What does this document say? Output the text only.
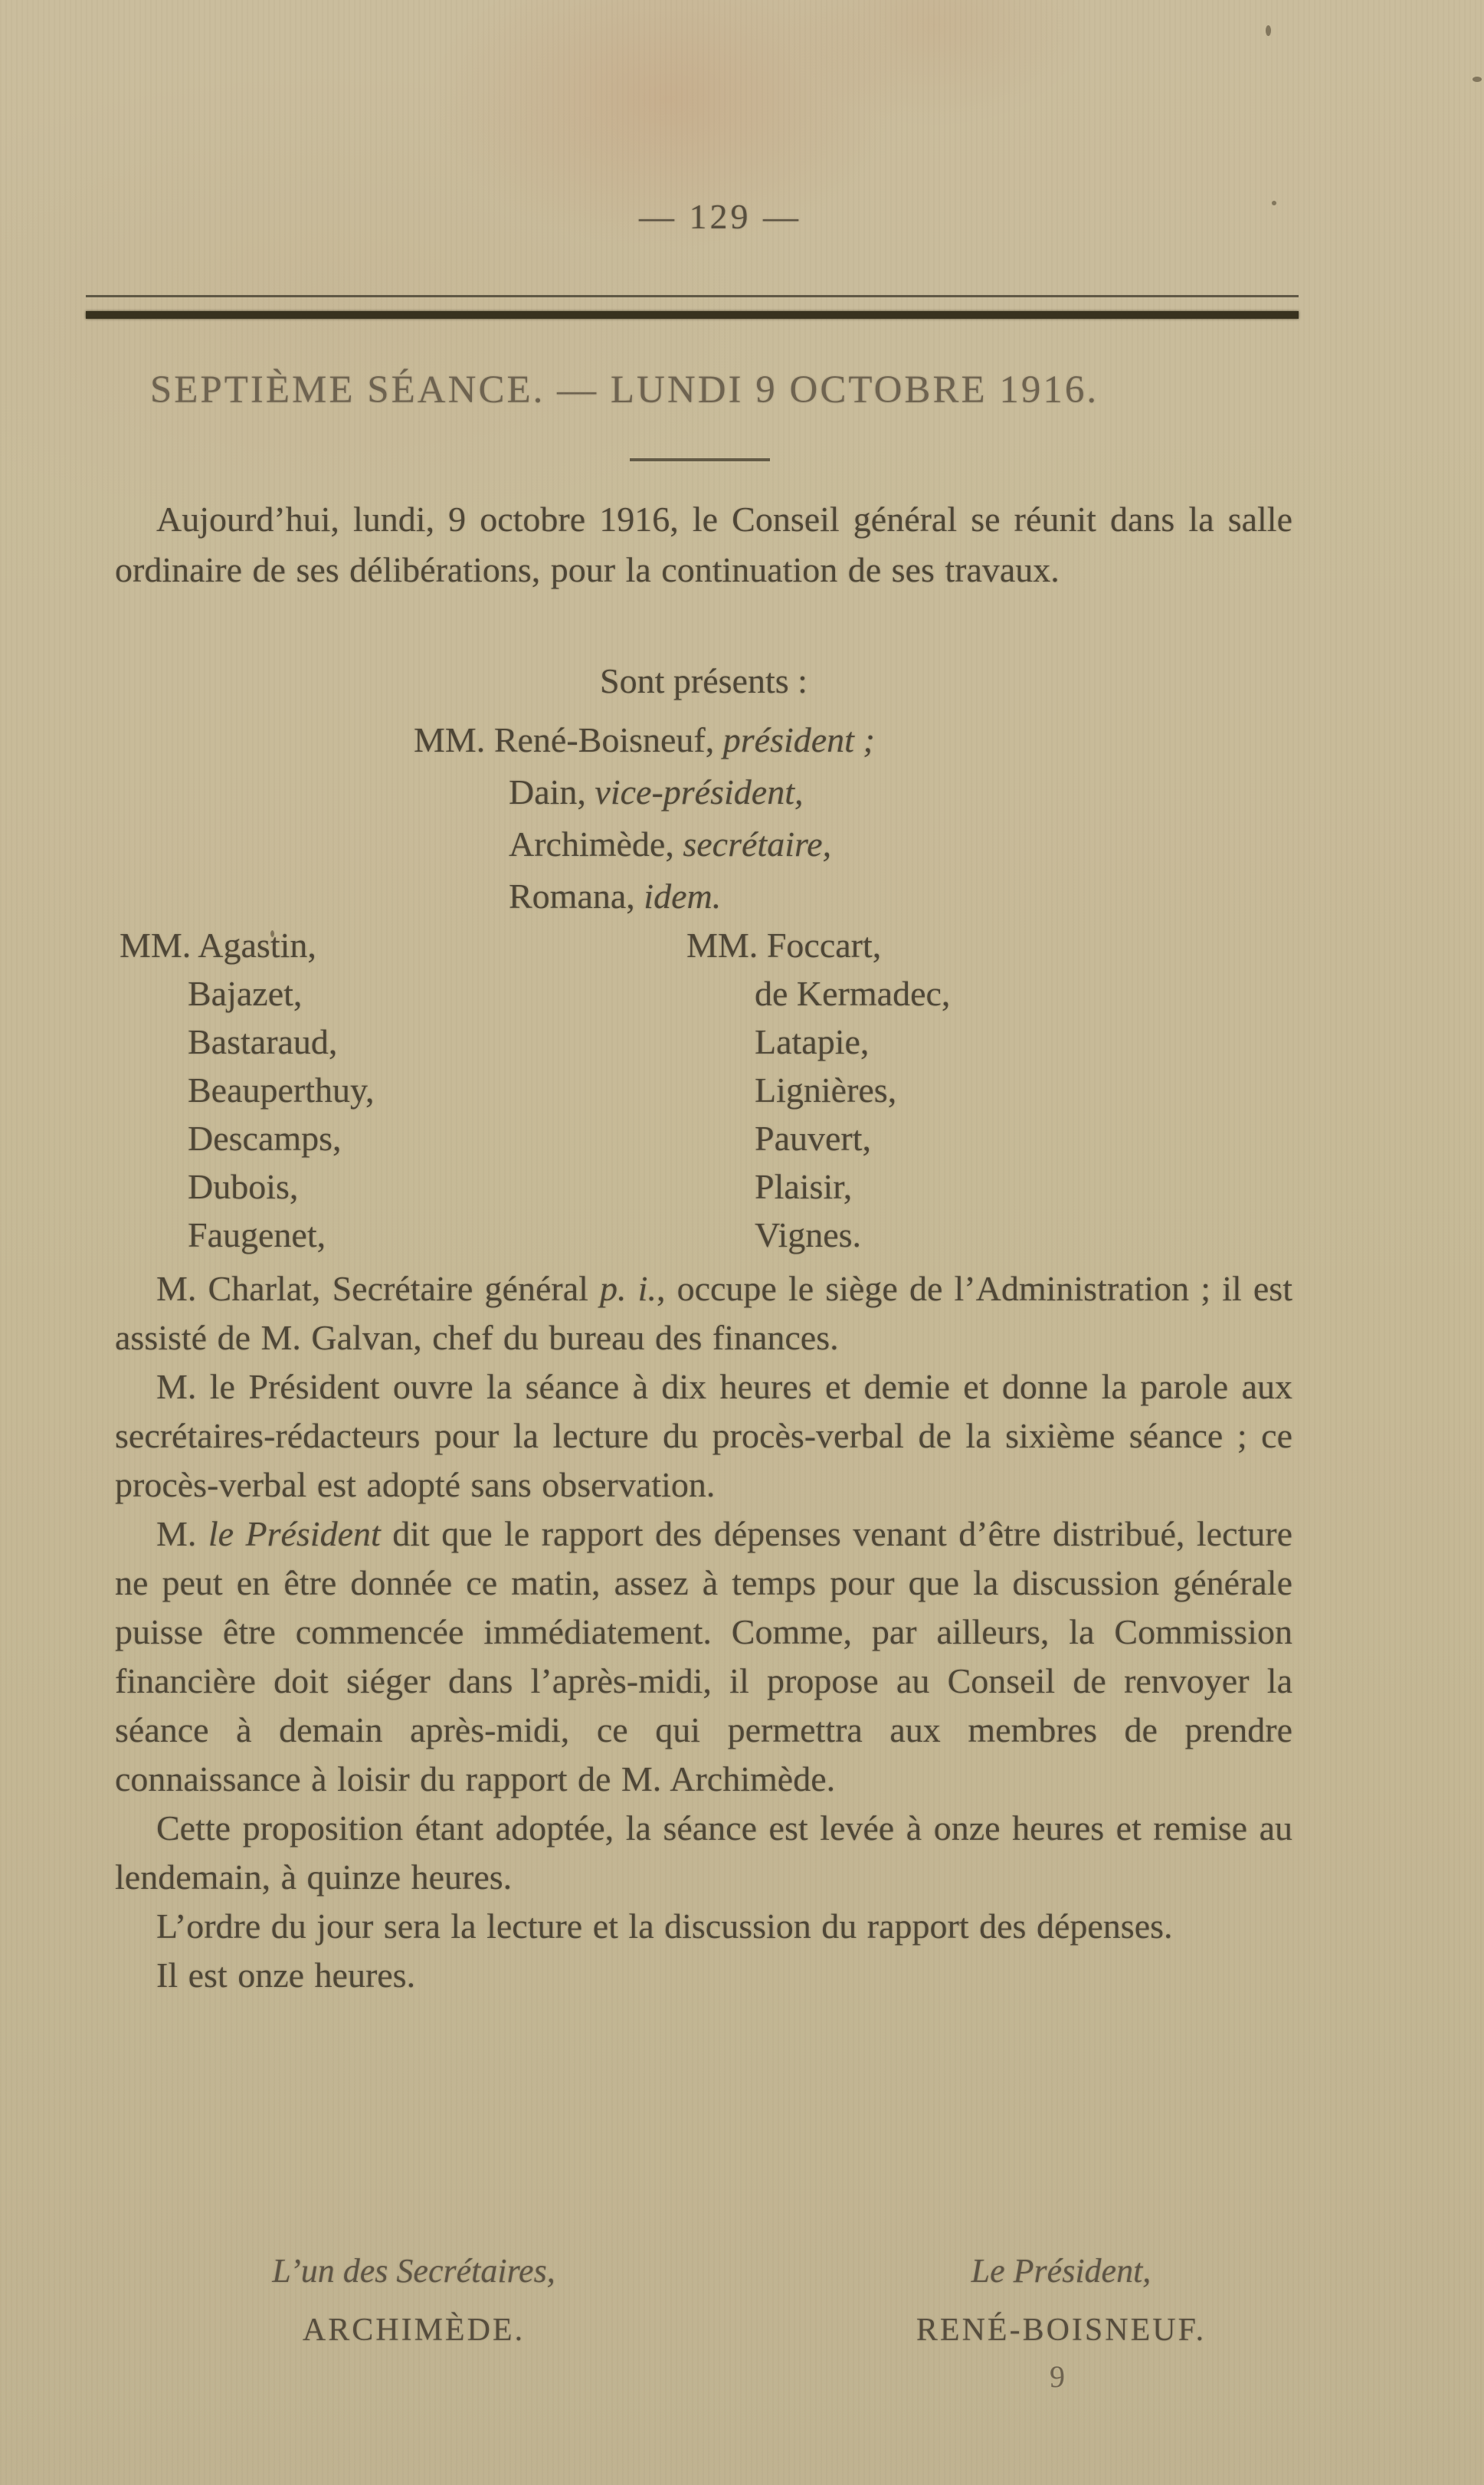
— 129 —
SEPTIÈME SÉANCE. — LUNDI 9 OCTOBRE 1916.

Aujourd’hui, lundi, 9 octobre 1916, le Conseil général se réunit dans la salle ordinaire de ses délibérations, pour la continuation de ses travaux.

Sont présents :
MM. René-Boisneuf, président ;
Dain, vice-président,
Archimède, secrétaire,
Romana, idem.
MM. Agastin,
Bajazet,
Bastaraud,
Beauperthuy,
Descamps,
Dubois,
Faugenet,
MM. Foccart,
de Kermadec,
Latapie,
Lignières,
Pauvert,
Plaisir,
Vignes.

M. Charlat, Secrétaire général p. i., occupe le siège de l’Administration ; il est assisté de M. Galvan, chef du bureau des finances.

M. le Président ouvre la séance à dix heures et demie et donne la parole aux secrétaires-rédacteurs pour la lecture du procès-verbal de la sixième séance ; ce procès-verbal est adopté sans observation.

M. le Président dit que le rapport des dépenses venant d’être distribué, lecture ne peut en être donnée ce matin, assez à temps pour que la discussion générale puisse être commencée immédiatement. Comme, par ailleurs, la Commission financière doit siéger dans l’après-midi, il propose au Conseil de renvoyer la séance à demain après-midi, ce qui permettra aux membres de prendre connaissance à loisir du rapport de M. Archimède.

Cette proposition étant adoptée, la séance est levée à onze heures et remise au lendemain, à quinze heures.

L’ordre du jour sera la lecture et la discussion du rapport des dépenses.

Il est onze heures.

L’un des Secrétaires,
ARCHIMÈDE.
Le Président,
RENÉ-BOISNEUF.
9
